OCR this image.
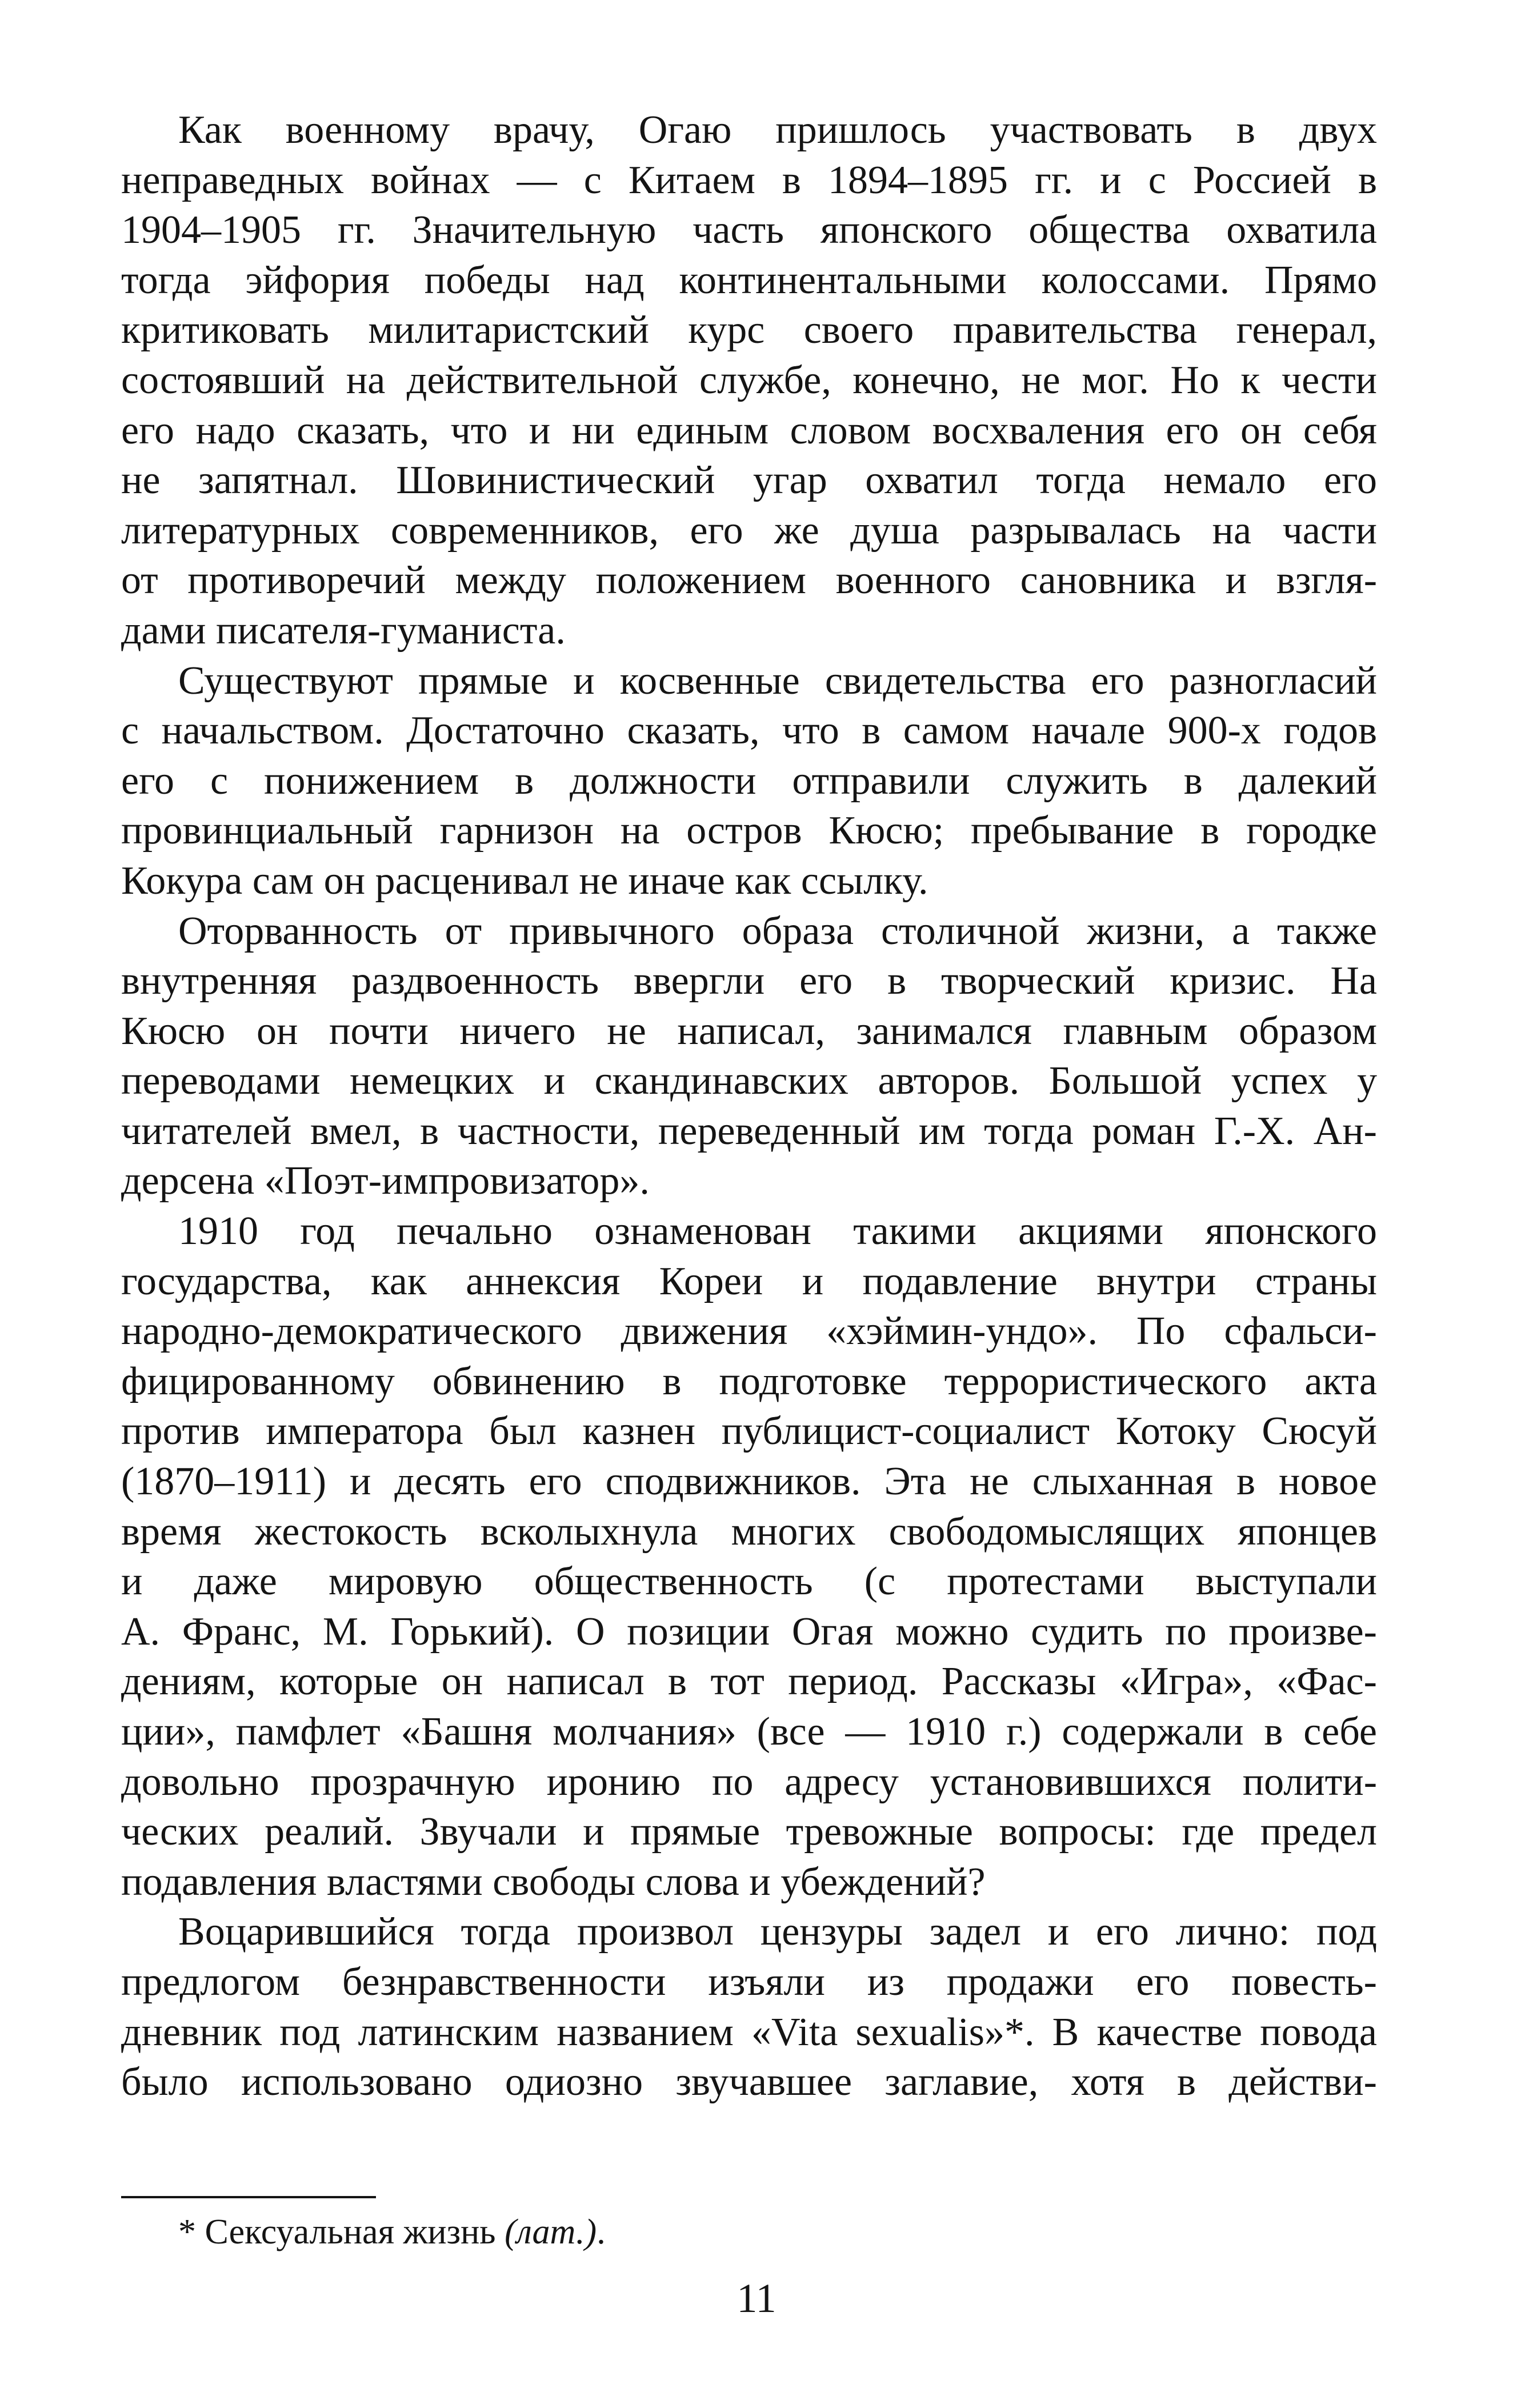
Как военному врачу, Огаю пришлось участвовать в двух
неправедных войнах — с Китаем в 1894–1895 гг. и с Россией в
1904–1905 гг. Значительную часть японского общества охватила
тогда эйфория победы над континентальными колоссами. Прямо
критиковать милитаристский курс своего правительства генерал,
состоявший на действительной службе, конечно, не мог. Но к чести
его надо сказать, что и ни единым словом восхваления его он себя
не запятнал. Шовинистический угар охватил тогда немало его
литературных современников, его же душа разрывалась на части
от противоречий между положением военного сановника и взгля-
дами писателя-гуманиста.
Существуют прямые и косвенные свидетельства его разногласий
с начальством. Достаточно сказать, что в самом начале 900-х годов
его с понижением в должности отправили служить в далекий
провинциальный гарнизон на остров Кюсю; пребывание в городке
Кокура сам он расценивал не иначе как ссылку.
Оторванность от привычного образа столичной жизни, а также
внутренняя раздвоенность ввергли его в творческий кризис. На
Кюсю он почти ничего не написал, занимался главным образом
переводами немецких и скандинавских авторов. Большой успех у
читателей вмел, в частности, переведенный им тогда роман Г.-Х. Ан-
дерсена «Поэт-импровизатор».
1910 год печально ознаменован такими акциями японского
государства, как аннексия Кореи и подавление внутри страны
народно-демократического движения «хэймин-ундо». По сфальси-
фицированному обвинению в подготовке террористического акта
против императора был казнен публицист-социалист Котоку Сюсуй
(1870–1911) и десять его сподвижников. Эта не слыханная в новое
время жестокость всколыхнула многих свободомыслящих японцев
и даже мировую общественность (с протестами выступали
А. Франс, М. Горький). О позиции Огая можно судить по произве-
дениям, которые он написал в тот период. Рассказы «Игра», «Фас-
ции», памфлет «Башня молчания» (все — 1910 г.) содержали в себе
довольно прозрачную иронию по адресу установившихся полити-
ческих реалий. Звучали и прямые тревожные вопросы: где предел
подавления властями свободы слова и убеждений?
Воцарившийся тогда произвол цензуры задел и его лично: под
предлогом безнравственности изъяли из продажи его повесть-
дневник под латинским названием «Vita sexualis»*. В качестве повода
было использовано одиозно звучавшее заглавие, хотя в действи-
* Сексуальная жизнь (лат.).
11
